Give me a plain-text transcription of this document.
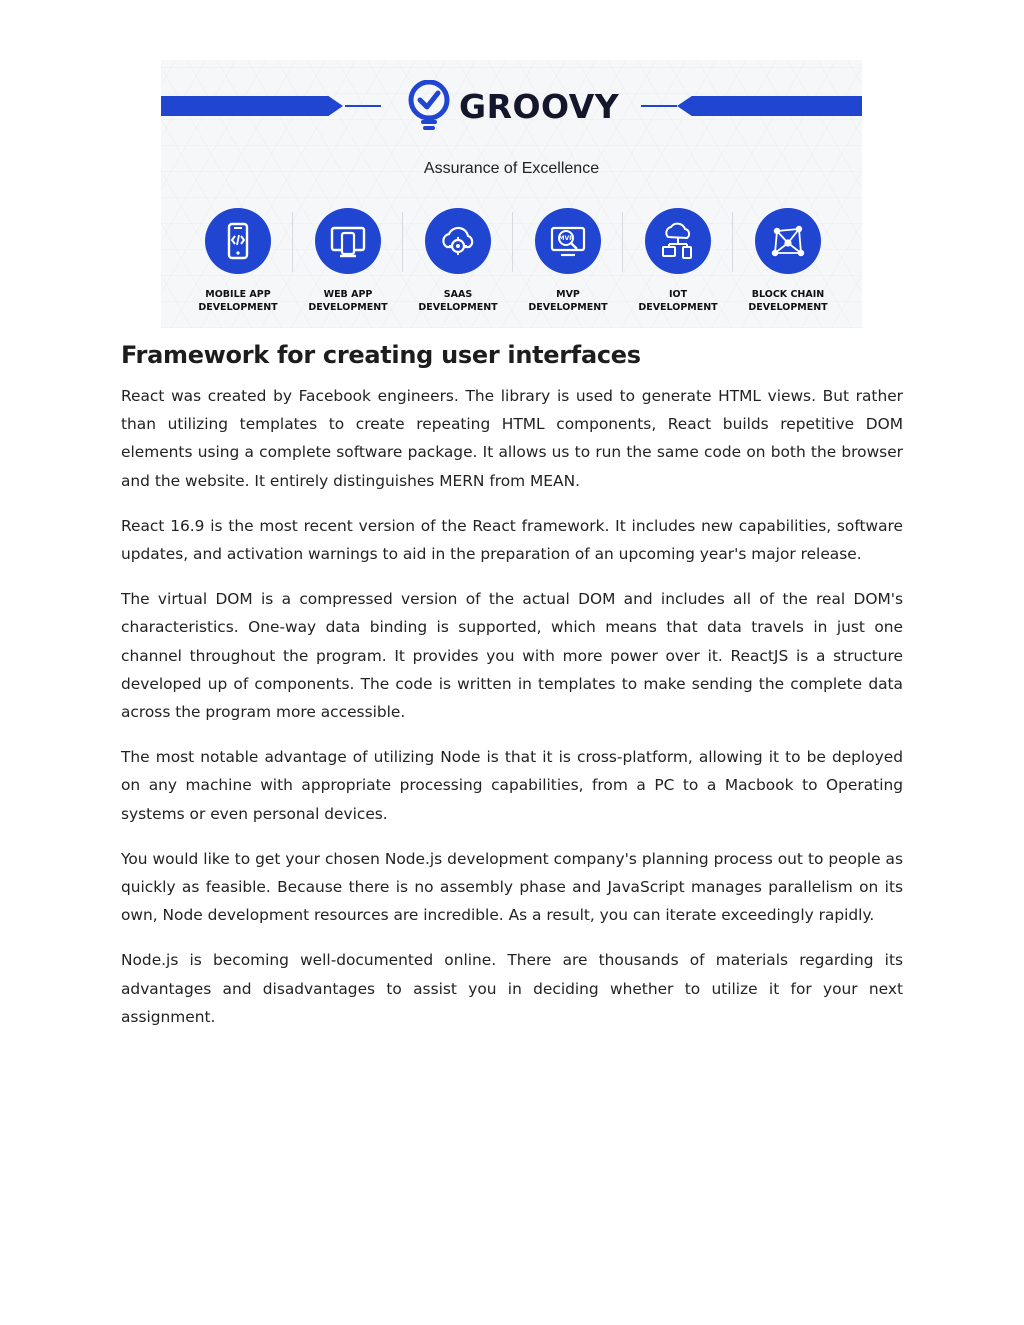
GROOVY
Assurance of Excellence
MOBILE APP
DEVELOPMENT
WEB APP
DEVELOPMENT
SAAS
DEVELOPMENT
MVP
MVP
DEVELOPMENT
IOT
DEVELOPMENT
BLOCK CHAIN
DEVELOPMENT
Framework for creating user interfaces

React was created by Facebook engineers. The library is used to generate HTML views. But rather than utilizing templates to create repeating HTML components, React builds repetitive DOM elements using a complete software package. It allows us to run the same code on both the browser and the website. It entirely distinguishes MERN from MEAN.

React 16.9 is the most recent version of the React framework. It includes new capabilities, software updates, and activation warnings to aid in the preparation of an upcoming year's major release.

The virtual DOM is a compressed version of the actual DOM and includes all of the real DOM's characteristics. One-way data binding is supported, which means that data travels in just one channel throughout the program. It provides you with more power over it. ReactJS is a structure developed up of components. The code is written in templates to make sending the complete data across the program more accessible.

The most notable advantage of utilizing Node is that it is cross-platform, allowing it to be deployed on any machine with appropriate processing capabilities, from a PC to a Macbook to Operating systems or even personal devices.

You would like to get your chosen Node.js development company's planning process out to people as quickly as feasible. Because there is no assembly phase and JavaScript manages parallelism on its own, Node development resources are incredible. As a result, you can iterate exceedingly rapidly.

Node.js is becoming well-documented online. There are thousands of materials regarding its advantages and disadvantages to assist you in deciding whether to utilize it for your next assignment.
